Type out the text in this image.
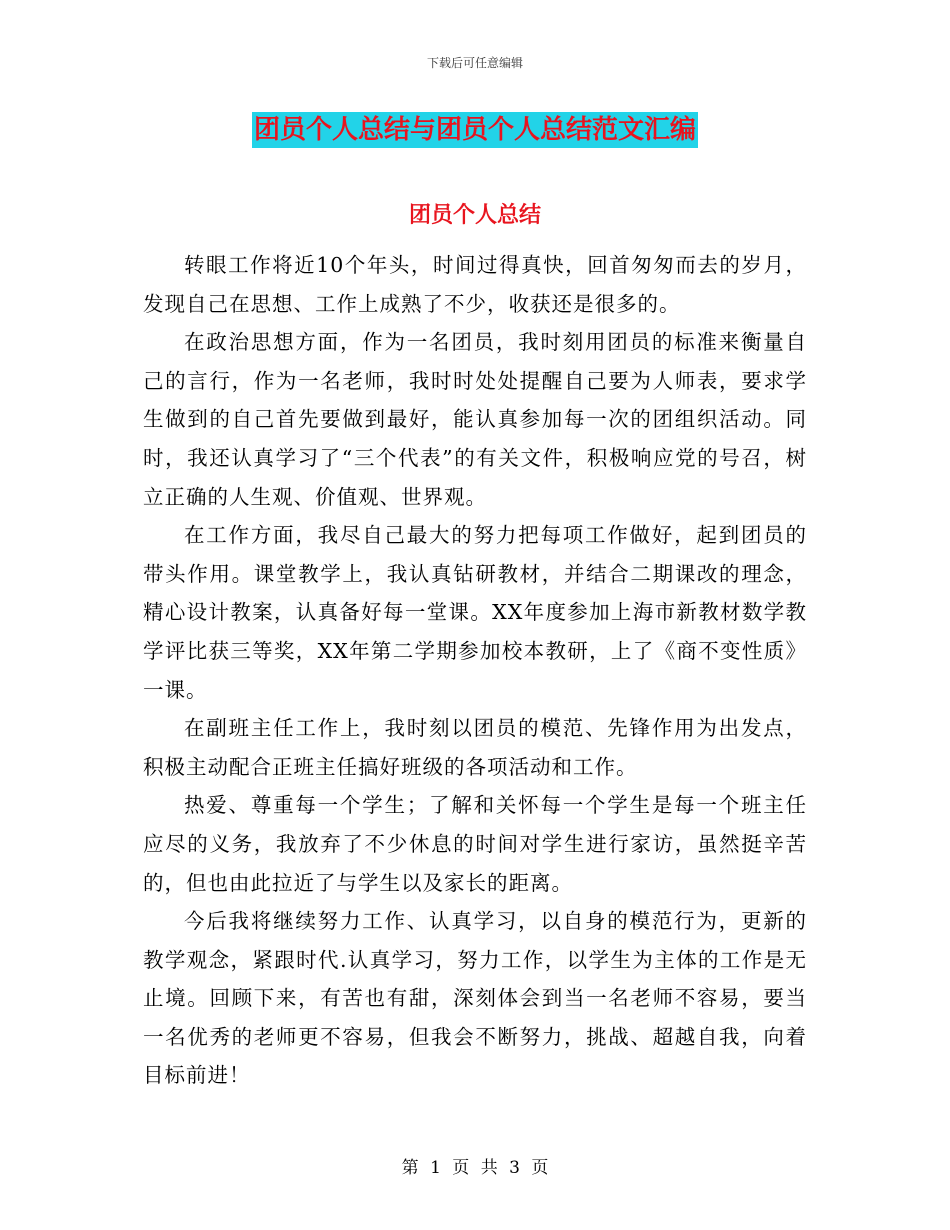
下载后可任意编辑
团员个人总结与团员个人总结范文汇编
团员个人总结

转眼工作将近10个年头，时间过得真快，回首匆匆而去的岁月，发现自己在思想、工作上成熟了不少，收获还是很多的。

在政治思想方面，作为一名团员，我时刻用团员的标准来衡量自己的言行，作为一名老师，我时时处处提醒自己要为人师表，要求学生做到的自己首先要做到最好，能认真参加每一次的团组织活动。同时，我还认真学习了“三个代表”的有关文件，积极响应党的号召，树立正确的人生观、价值观、世界观。

在工作方面，我尽自己最大的努力把每项工作做好，起到团员的带头作用。课堂教学上，我认真钻研教材，并结合二期课改的理念，精心设计教案，认真备好每一堂课。XX年度参加上海市新教材数学教学评比获三等奖，XX年第二学期参加校本教研，上了《商不变性质》一课。

在副班主任工作上，我时刻以团员的模范、先锋作用为出发点，积极主动配合正班主任搞好班级的各项活动和工作。

热爱、尊重每一个学生；了解和关怀每一个学生是每一个班主任应尽的义务，我放弃了不少休息的时间对学生进行家访，虽然挺辛苦的，但也由此拉近了与学生以及家长的距离。

今后我将继续努力工作、认真学习，以自身的模范行为，更新的教学观念，紧跟时代.认真学习，努力工作，以学生为主体的工作是无止境。回顾下来，有苦也有甜，深刻体会到当一名老师不容易，要当一名优秀的老师更不容易，但我会不断努力，挑战、超越自我，向着目标前进！

第 1 页 共 3 页
